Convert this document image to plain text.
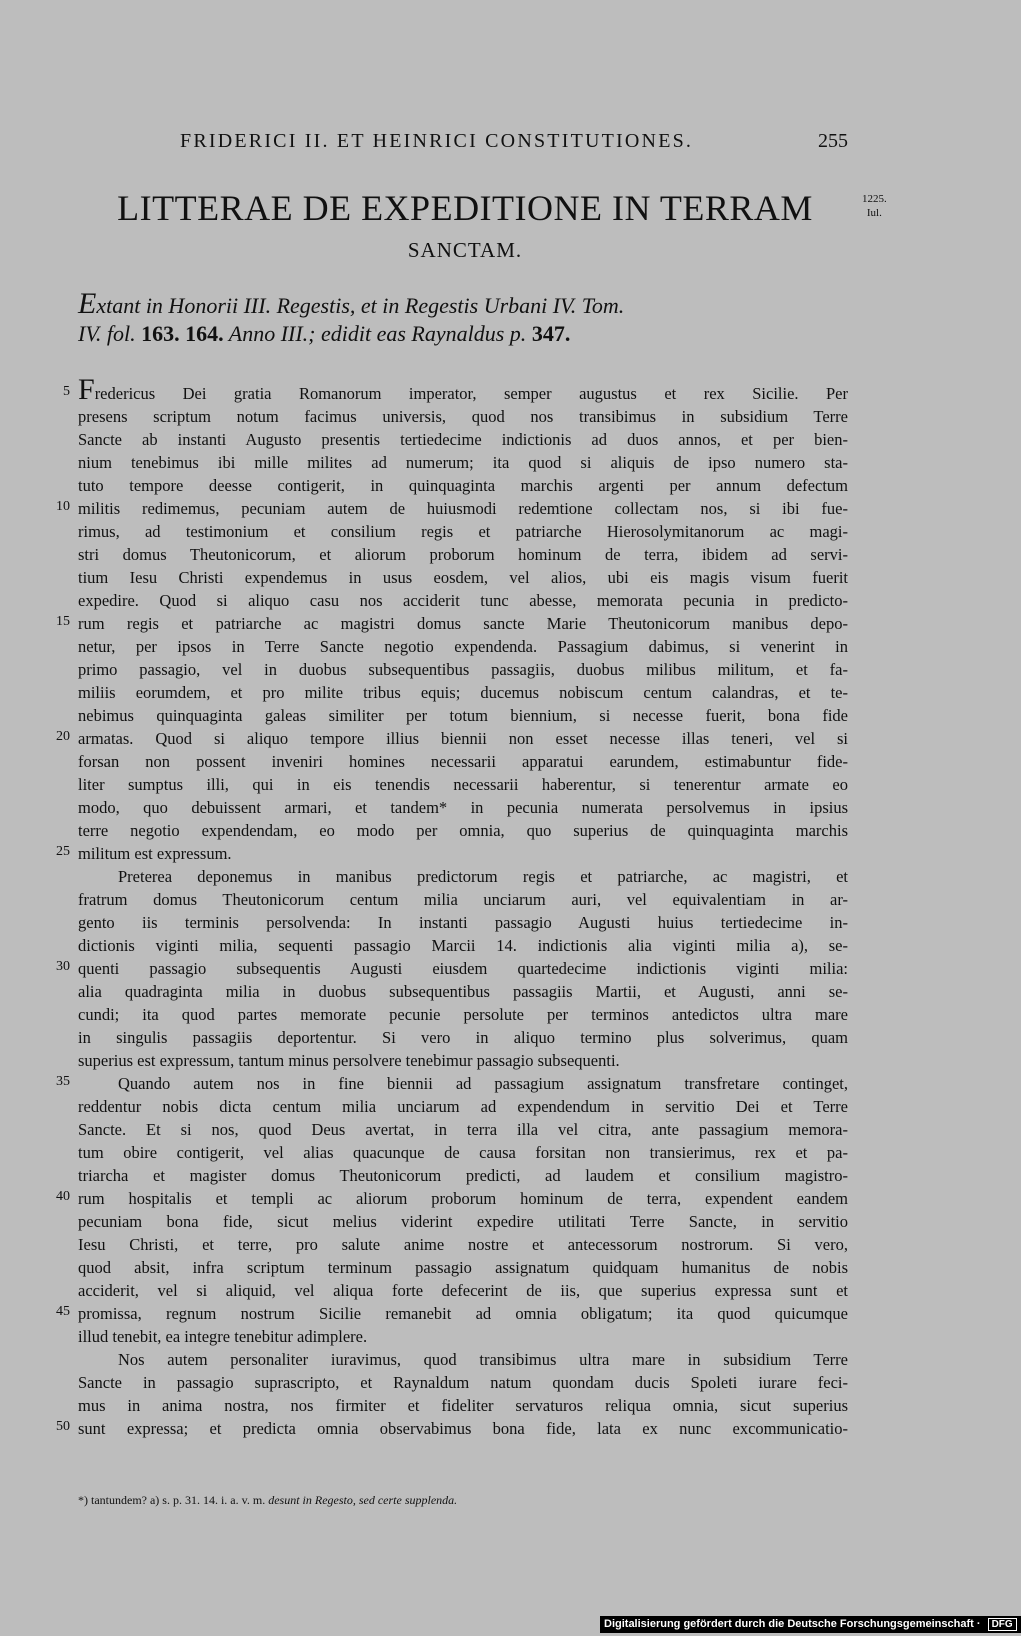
FRIDERICI II. ET HEINRICI CONSTITUTIONES.	255
LITTERAE DE EXPEDITIONE IN TERRAM
SANCTAM.
1225.
Iul.
Extant in Honorii III. Regestis, et in Regestis Urbani IV. Tom.
IV. fol. 163. 164. Anno III.; edidit eas Raynaldus p. 347.
5 Fredericus Dei gratia Romanorum imperator, semper augustus et rex Sicilie. Per
presens scriptum notum facimus universis, quod nos transibimus in subsidium Terre
Sancte ab instanti Augusto presentis tertiedecime indictionis ad duos annos, et per bien-
nium tenebimus ibi mille milites ad numerum; ita quod si aliquis de ipso numero sta-
tuto tempore deesse contigerit, in quinquaginta marchis argenti per annum defectum
10 militis redimemus, pecuniam autem de huiusmodi redemtione collectam nos, si ibi fue-
rimus, ad testimonium et consilium regis et patriarche Hierosolymitanorum ac magi-
stri domus Theutonicorum, et aliorum proborum hominum de terra, ibidem ad servi-
tium Iesu Christi expendemus in usus eosdem, vel alios, ubi eis magis visum fuerit
expedire. Quod si aliquo casu nos acciderit tunc abesse, memorata pecunia in predicto-
15 rum regis et patriarche ac magistri domus sancte Marie Theutonicorum manibus depo-
netur, per ipsos in Terre Sancte negotio expendenda. Passagium dabimus, si venerint in
primo passagio, vel in duobus subsequentibus passagiis, duobus milibus militum, et fa-
miliis eorumdem, et pro milite tribus equis; ducemus nobiscum centum calandras, et te-
nebimus quinquaginta galeas similiter per totum biennium, si necesse fuerit, bona fide
20 armatas. Quod si aliquo tempore illius biennii non esset necesse illas teneri, vel si
forsan non possent inveniri homines necessarii apparatui earundem, estimabuntur fide-
liter sumptus illi, qui in eis tenendis necessarii haberentur, si tenerentur armate eo
modo, quo debuissent armari, et tandem* in pecunia numerata persolvemus in ipsius
terre negotio expendendam, eo modo per omnia, quo superius de quinquaginta marchis
25 militum est expressum.
Preterea deponemus in manibus predictorum regis et patriarche, ac magistri, et
fratrum domus Theutonicorum centum milia unciarum auri, vel equivalentiam in ar-
gento iis terminis persolvenda: In instanti passagio Augusti huius tertiedecime in-
dictionis viginti milia, sequenti passagio Marcii 14. indictionis alia viginti milia a), se-
30 quenti passagio subsequentis Augusti eiusdem quartedecime indictionis viginti milia:
alia quadraginta milia in duobus subsequentibus passagiis Martii, et Augusti, anni se-
cundi; ita quod partes memorate pecunie persolute per terminos antedictos ultra mare
in singulis passagiis deportentur. Si vero in aliquo termino plus solverimus, quam
superius est expressum, tantum minus persolvere tenebimur passagio subsequenti.
35	Quando autem nos in fine biennii ad passagium assignatum transfretare continget,
reddentur nobis dicta centum milia unciarum ad expendendum in servitio Dei et Terre
Sancte. Et si nos, quod Deus avertat, in terra illa vel citra, ante passagium memora-
tum obire contigerit, vel alias quacunque de causa forsitan non transierimus, rex et pa-
triarcha et magister domus Theutonicorum predicti, ad laudem et consilium magistro-
40 rum hospitalis et templi ac aliorum proborum hominum de terra, expendent eandem
pecuniam bona fide, sicut melius viderint expedire utilitati Terre Sancte, in servitio
Iesu Christi, et terre, pro salute anime nostre et antecessorum nostrorum. Si vero,
quod absit, infra scriptum terminum passagio assignatum quidquam humanitus de nobis
acciderit, vel si aliquid, vel aliqua forte defecerint de iis, que superius expressa sunt et
45 promissa, regnum nostrum Sicilie remanebit ad omnia obligatum; ita quod quicumque
illud tenebit, ea integre tenebitur adimplere.
Nos autem personaliter iuravimus, quod transibimus ultra mare in subsidium Terre
Sancte in passagio suprascripto, et Raynaldum natum quondam ducis Spoleti iurare feci-
mus in anima nostra, nos firmiter et fideliter servaturos reliqua omnia, sicut superius
50 sunt expressa; et predicta omnia observabimus bona fide, lata ex nunc excommunicatio-
*) tantundem? a) s. p. 31. 14. i. a. v. m. desunt in Regesto, sed certe supplenda.
Digitalisierung gefördert durch die Deutsche Forschungsgemeinschaft · DFG
